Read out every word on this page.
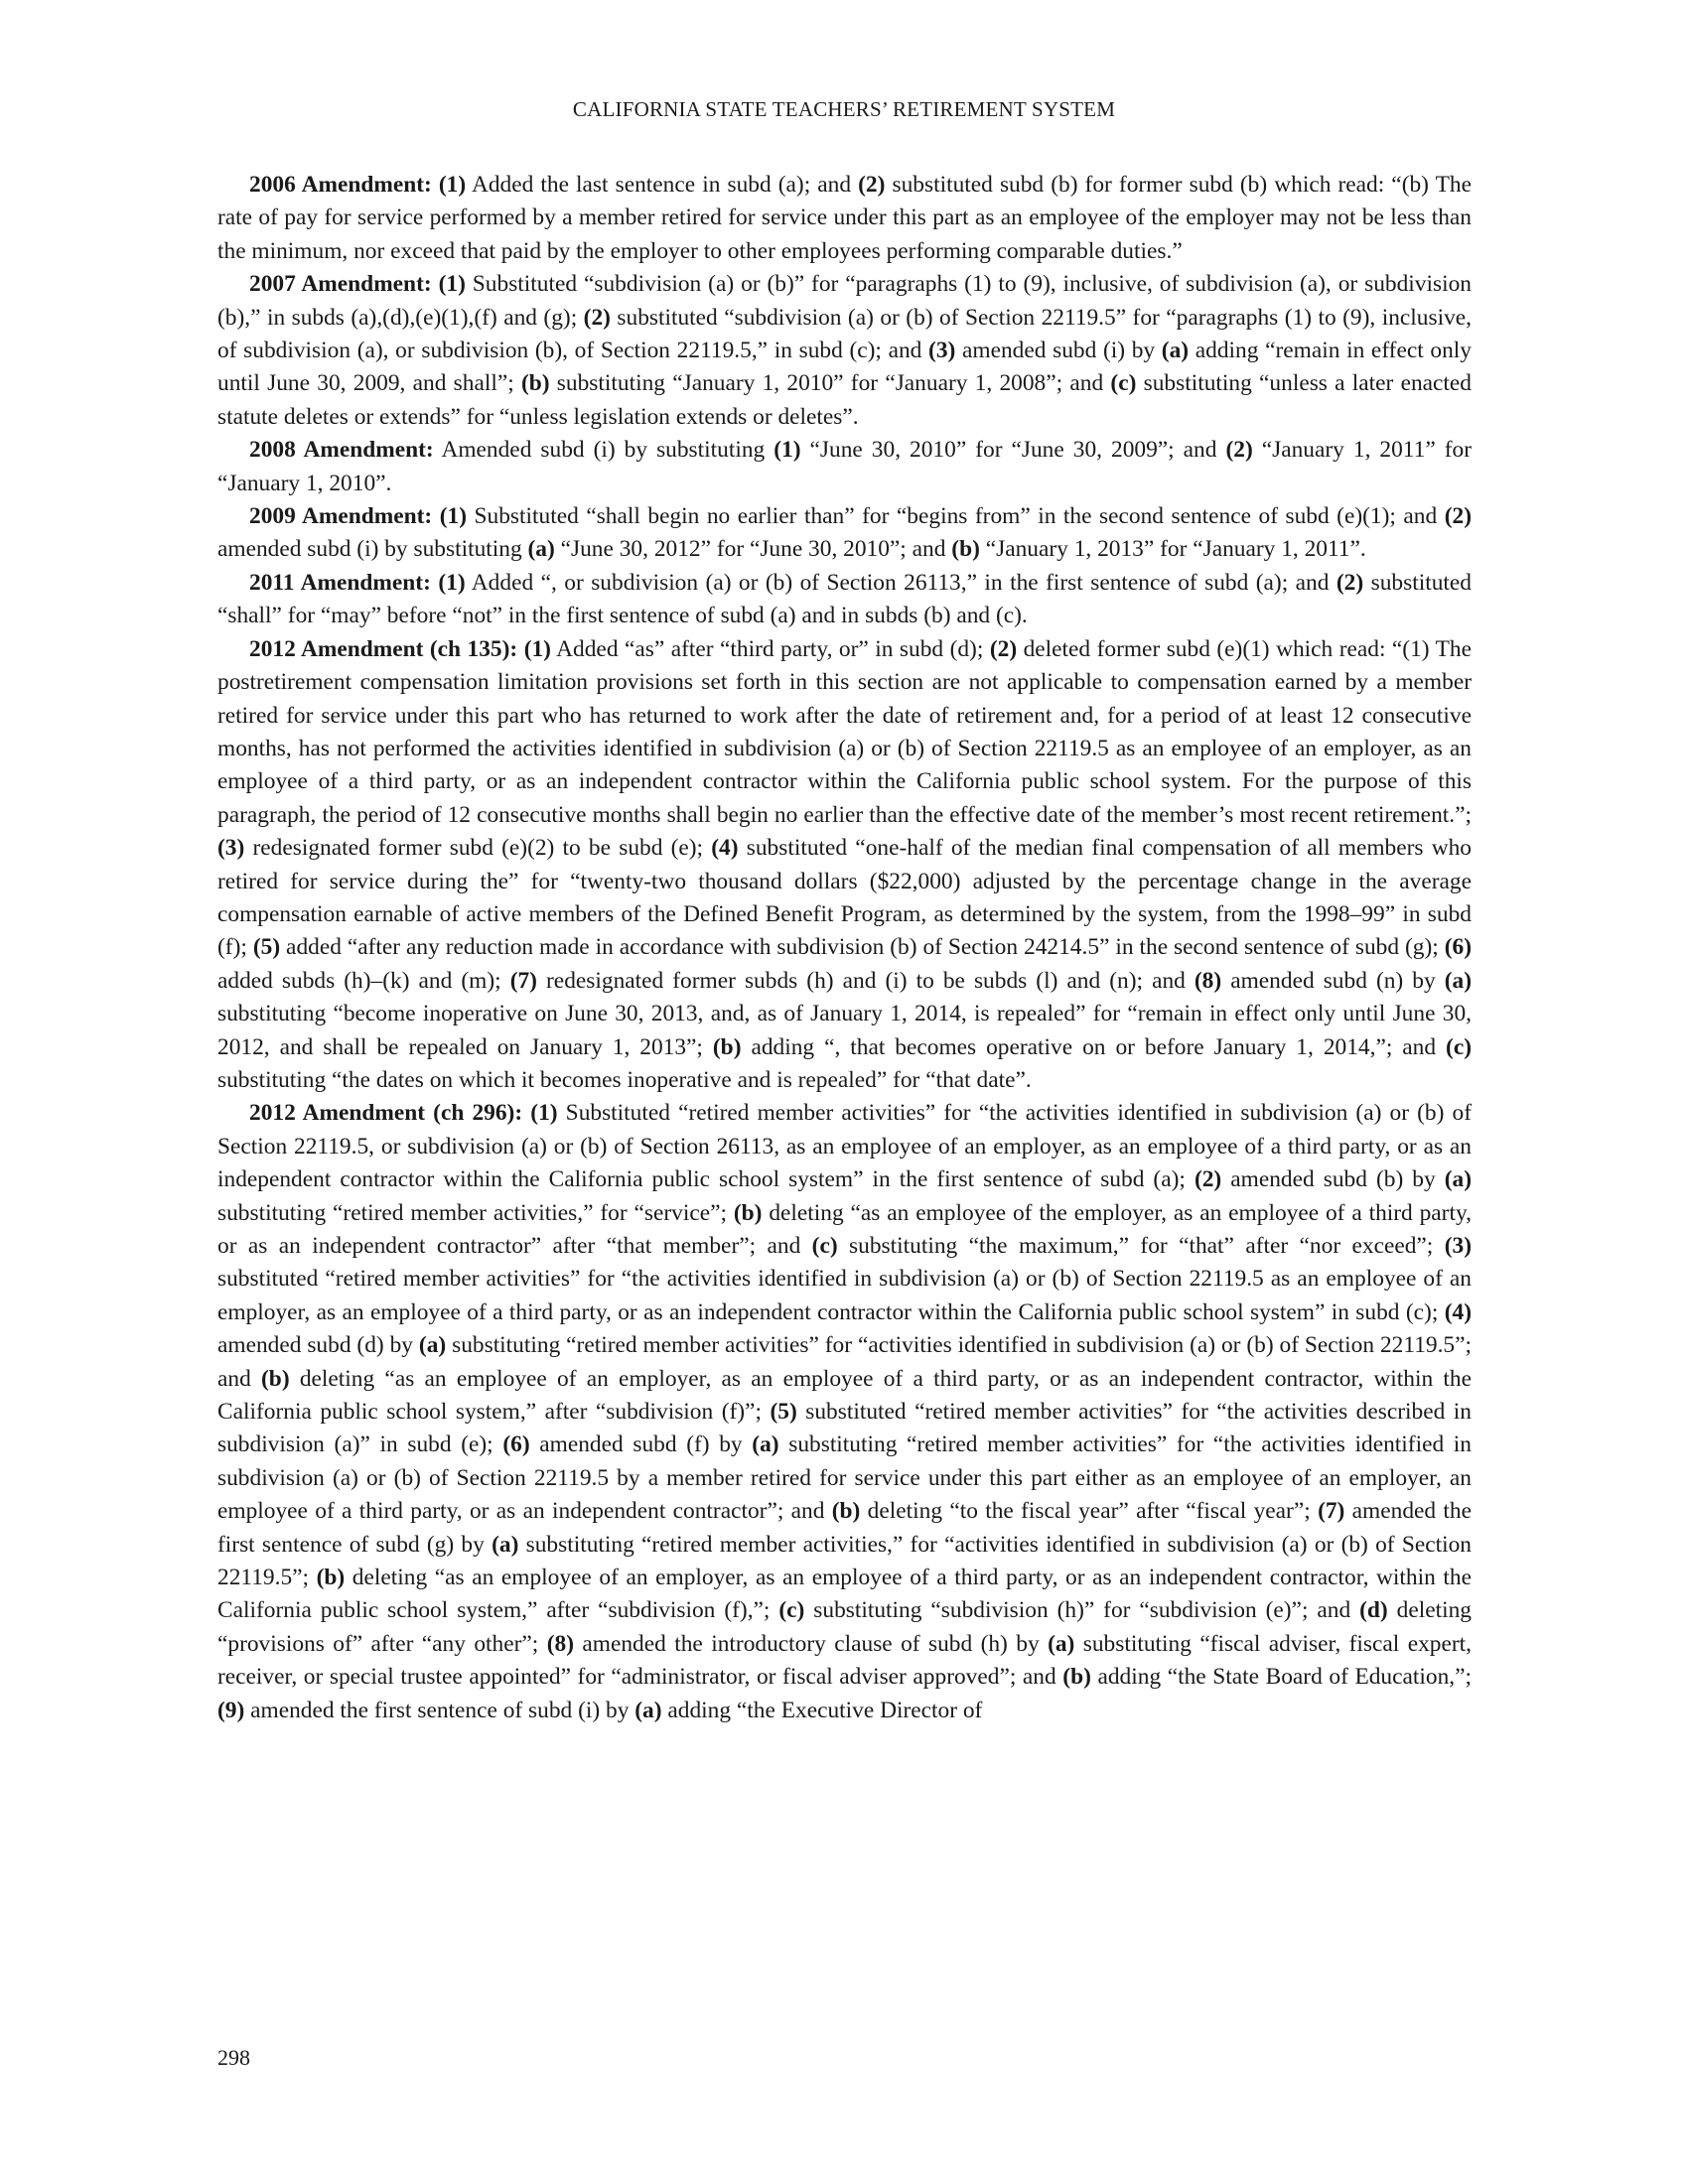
CALIFORNIA STATE TEACHERS’ RETIREMENT SYSTEM

2006 Amendment: (1) Added the last sentence in subd (a); and (2) substituted subd (b) for former subd (b) which read: “(b) The rate of pay for service performed by a member retired for service under this part as an employee of the employer may not be less than the minimum, nor exceed that paid by the employer to other employees performing comparable duties.”

2007 Amendment: (1) Substituted “subdivision (a) or (b)” for “paragraphs (1) to (9), inclusive, of subdivision (a), or subdivision (b),” in subds (a),(d),(e)(1),(f) and (g); (2) substituted “subdivision (a) or (b) of Section 22119.5” for “paragraphs (1) to (9), inclusive, of subdivision (a), or subdivision (b), of Section 22119.5,” in subd (c); and (3) amended subd (i) by (a) adding “remain in effect only until June 30, 2009, and shall”; (b) substituting “January 1, 2010” for “January 1, 2008”; and (c) substituting “unless a later enacted statute deletes or extends” for “unless legislation extends or deletes”.

2008 Amendment: Amended subd (i) by substituting (1) “June 30, 2010” for “June 30, 2009”; and (2) “January 1, 2011” for “January 1, 2010”.

2009 Amendment: (1) Substituted “shall begin no earlier than” for “begins from” in the second sentence of subd (e)(1); and (2) amended subd (i) by substituting (a) “June 30, 2012” for “June 30, 2010”; and (b) “January 1, 2013” for “January 1, 2011”.

2011 Amendment: (1) Added “, or subdivision (a) or (b) of Section 26113,” in the first sentence of subd (a); and (2) substituted “shall” for “may” before “not” in the first sentence of subd (a) and in subds (b) and (c).

2012 Amendment (ch 135): (1) Added “as” after “third party, or” in subd (d); (2) deleted former subd (e)(1) which read: “(1) The postretirement compensation limitation provisions set forth in this section are not applicable to compensation earned by a member retired for service under this part who has returned to work after the date of retirement and, for a period of at least 12 consecutive months, has not performed the activities identified in subdivision (a) or (b) of Section 22119.5 as an employee of an employer, as an employee of a third party, or as an independent contractor within the California public school system. For the purpose of this paragraph, the period of 12 consecutive months shall begin no earlier than the effective date of the member’s most recent retirement.”; (3) redesignated former subd (e)(2) to be subd (e); (4) substituted “one-half of the median final compensation of all members who retired for service during the” for “twenty-two thousand dollars ($22,000) adjusted by the percentage change in the average compensation earnable of active members of the Defined Benefit Program, as determined by the system, from the 1998–99” in subd (f); (5) added “after any reduction made in accordance with subdivision (b) of Section 24214.5” in the second sentence of subd (g); (6) added subds (h)–(k) and (m); (7) redesignated former subds (h) and (i) to be subds (l) and (n); and (8) amended subd (n) by (a) substituting “become inoperative on June 30, 2013, and, as of January 1, 2014, is repealed” for “remain in effect only until June 30, 2012, and shall be repealed on January 1, 2013”; (b) adding “, that becomes operative on or before January 1, 2014,”; and (c) substituting “the dates on which it becomes inoperative and is repealed” for “that date”.

2012 Amendment (ch 296): (1) Substituted “retired member activities” for “the activities identified in subdivision (a) or (b) of Section 22119.5, or subdivision (a) or (b) of Section 26113, as an employee of an employer, as an employee of a third party, or as an independent contractor within the California public school system” in the first sentence of subd (a); (2) amended subd (b) by (a) substituting “retired member activities,” for “service”; (b) deleting “as an employee of the employer, as an employee of a third party, or as an independent contractor” after “that member”; and (c) substituting “the maximum,” for “that” after “nor exceed”; (3) substituted “retired member activities” for “the activities identified in subdivision (a) or (b) of Section 22119.5 as an employee of an employer, as an employee of a third party, or as an independent contractor within the California public school system” in subd (c); (4) amended subd (d) by (a) substituting “retired member activities” for “activities identified in subdivision (a) or (b) of Section 22119.5”; and (b) deleting “as an employee of an employer, as an employee of a third party, or as an independent contractor, within the California public school system,” after “subdivision (f)”; (5) substituted “retired member activities” for “the activities described in subdivision (a)” in subd (e); (6) amended subd (f) by (a) substituting “retired member activities” for “the activities identified in subdivision (a) or (b) of Section 22119.5 by a member retired for service under this part either as an employee of an employer, an employee of a third party, or as an independent contractor”; and (b) deleting “to the fiscal year” after “fiscal year”; (7) amended the first sentence of subd (g) by (a) substituting “retired member activities,” for “activities identified in subdivision (a) or (b) of Section 22119.5”; (b) deleting “as an employee of an employer, as an employee of a third party, or as an independent contractor, within the California public school system,” after “subdivision (f),”; (c) substituting “subdivision (h)” for “subdivision (e)”; and (d) deleting “provisions of” after “any other”; (8) amended the introductory clause of subd (h) by (a) substituting “fiscal adviser, fiscal expert, receiver, or special trustee appointed” for “administrator, or fiscal adviser approved”; and (b) adding “the State Board of Education,”; (9) amended the first sentence of subd (i) by (a) adding “the Executive Director of

298
